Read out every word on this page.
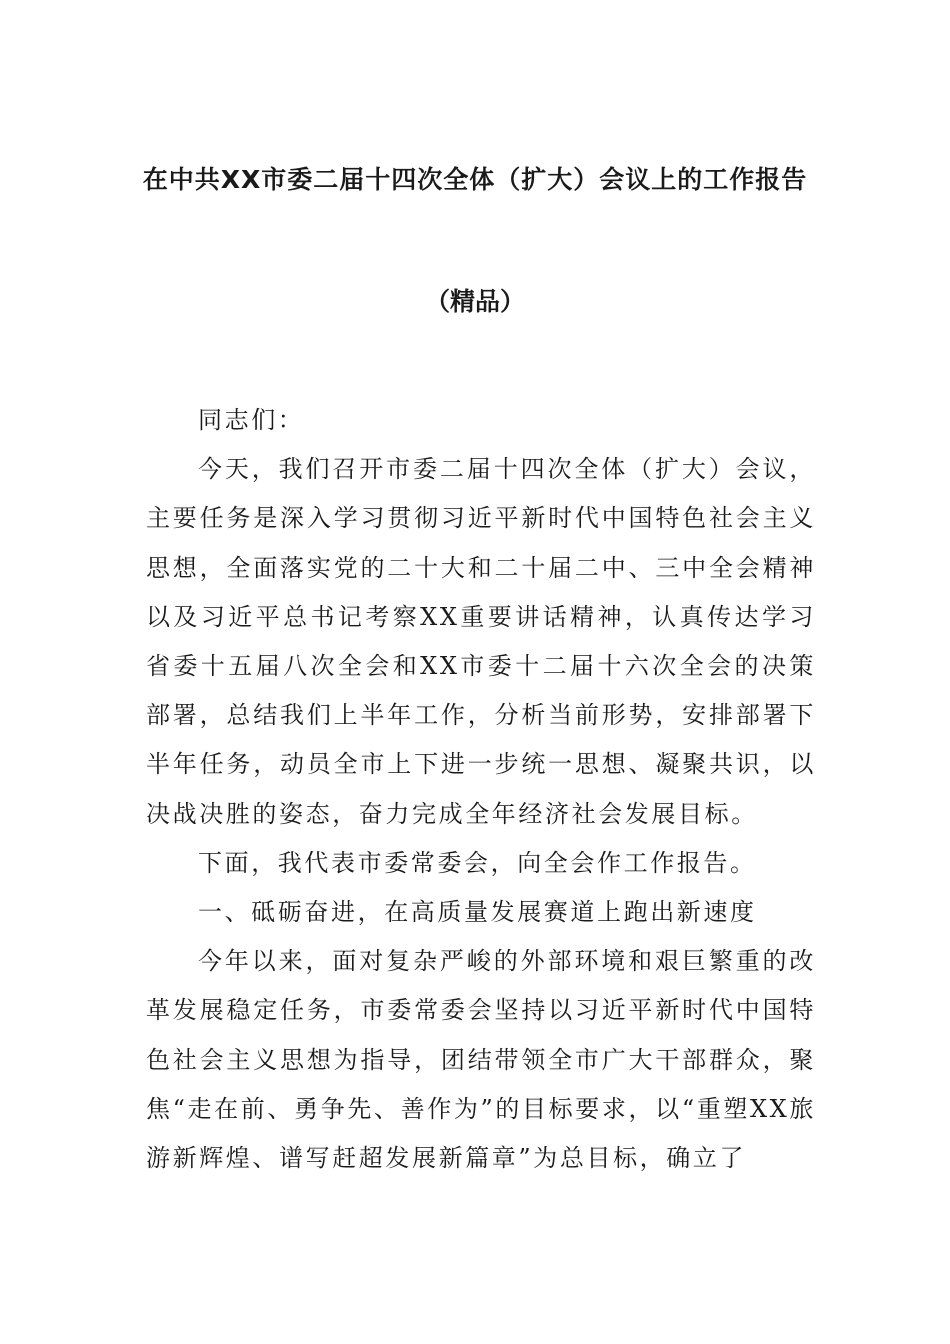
在中共XX市委二届十四次全体（扩大）会议上的工作报告
（精品）

同志们：

今天，我们召开市委二届十四次全体（扩大）会议，主要任务是深入学习贯彻习近平新时代中国特色社会主义思想，全面落实党的二十大和二十届二中、三中全会精神以及习近平总书记考察XX重要讲话精神，认真传达学习省委十五届八次全会和XX市委十二届十六次全会的决策部署，总结我们上半年工作，分析当前形势，安排部署下半年任务，动员全市上下进一步统一思想、凝聚共识，以决战决胜的姿态，奋力完成全年经济社会发展目标。

下面，我代表市委常委会，向全会作工作报告。

一、砥砺奋进，在高质量发展赛道上跑出新速度

今年以来，面对复杂严峻的外部环境和艰巨繁重的改革发展稳定任务，市委常委会坚持以习近平新时代中国特色社会主义思想为指导，团结带领全市广大干部群众，聚焦“走在前、勇争先、善作为”的目标要求，以“重塑XX旅游新辉煌、谱写赶超发展新篇章”为总目标，确立了
